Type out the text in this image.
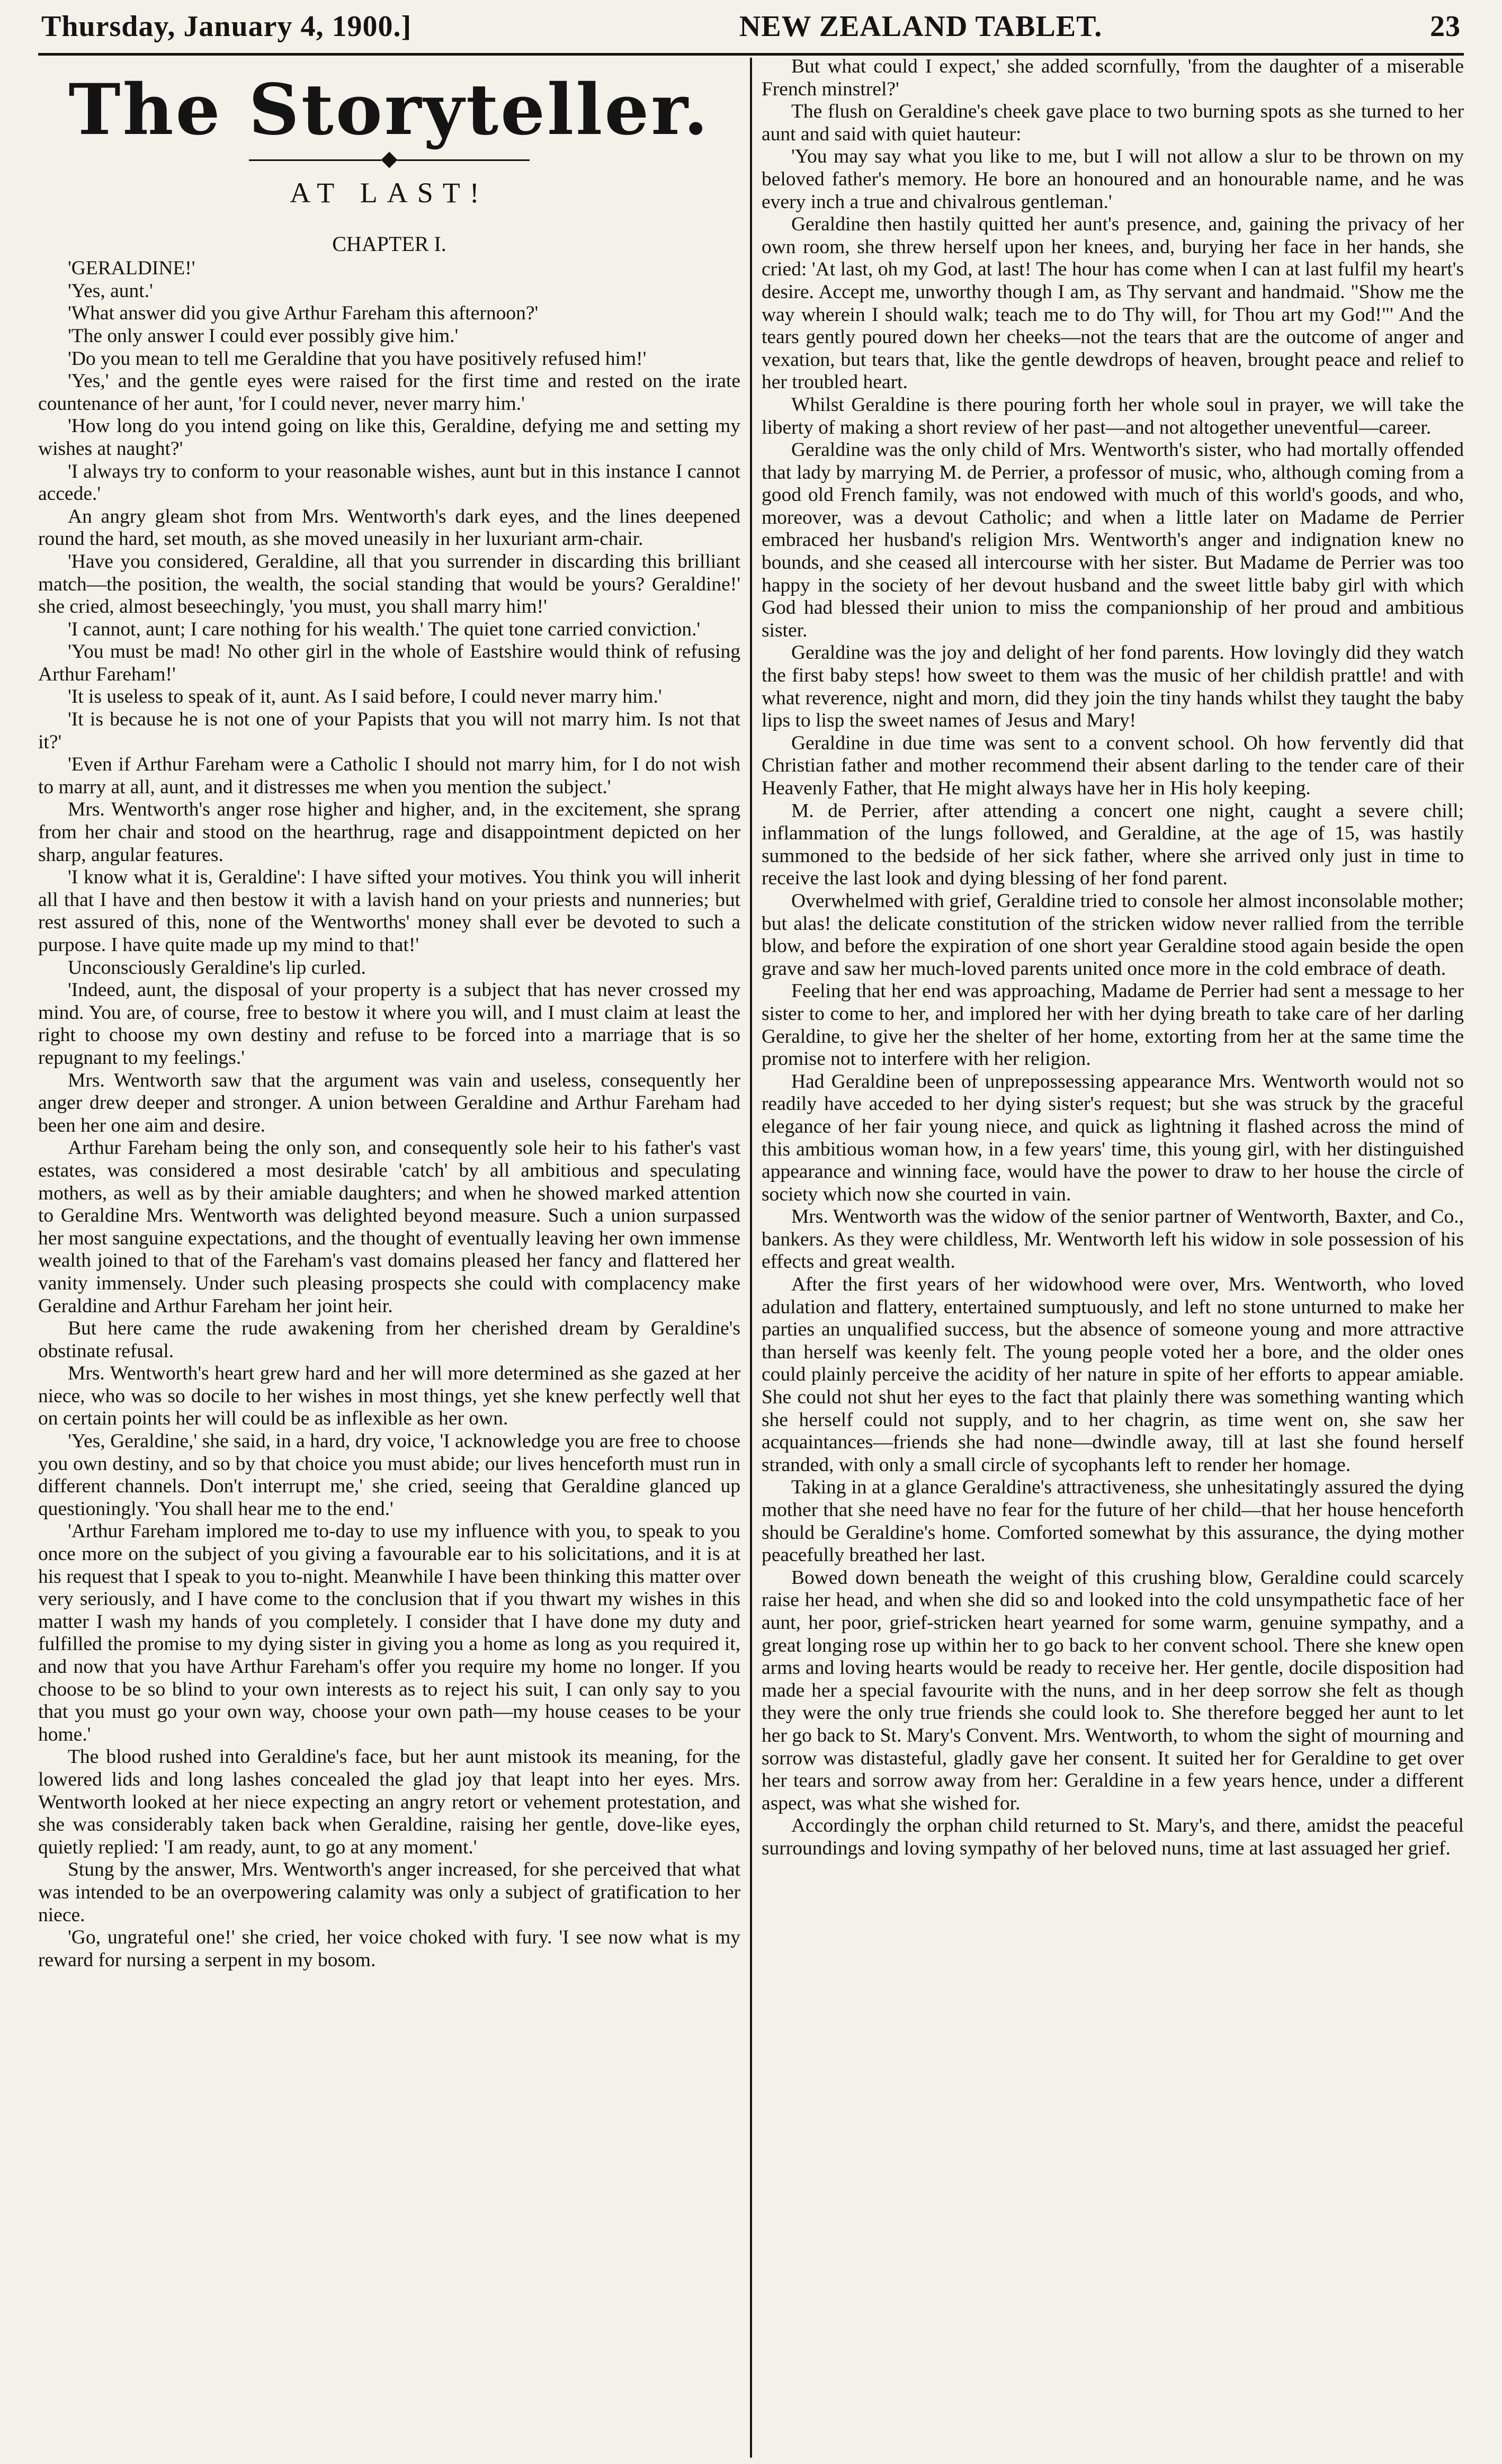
Thursday, January 4, 1900.]	NEW ZEALAND TABLET.	23
The Storyteller.
AT LAST!
CHAPTER I.

'GERALDINE!'

'Yes, aunt.'

'What answer did you give Arthur Fareham this afternoon?'

'The only answer I could ever possibly give him.'

'Do you mean to tell me Geraldine that you have positively refused him!'

'Yes,' and the gentle eyes were raised for the first time and rested on the irate countenance of her aunt, 'for I could never, never marry him.'

'How long do you intend going on like this, Geraldine, defying me and setting my wishes at naught?'

'I always try to conform to your reasonable wishes, aunt but in this instance I cannot accede.'

An angry gleam shot from Mrs. Wentworth's dark eyes, and the lines deepened round the hard, set mouth, as she moved uneasily in her luxuriant arm-chair.

'Have you considered, Geraldine, all that you surrender in discarding this brilliant match—the position, the wealth, the social standing that would be yours? Geraldine!' she cried, almost beseechingly, 'you must, you shall marry him!'

'I cannot, aunt; I care nothing for his wealth.' The quiet tone carried conviction.'

'You must be mad! No other girl in the whole of Eastshire would think of refusing Arthur Fareham!'

'It is useless to speak of it, aunt. As I said before, I could never marry him.'

'It is because he is not one of your Papists that you will not marry him. Is not that it?'

'Even if Arthur Fareham were a Catholic I should not marry him, for I do not wish to marry at all, aunt, and it distresses me when you mention the subject.'

Mrs. Wentworth's anger rose higher and higher, and, in the excitement, she sprang from her chair and stood on the hearthrug, rage and disappointment depicted on her sharp, angular features.

'I know what it is, Geraldine': I have sifted your motives. You think you will inherit all that I have and then bestow it with a lavish hand on your priests and nunneries; but rest assured of this, none of the Wentworths' money shall ever be devoted to such a purpose. I have quite made up my mind to that!'

Unconsciously Geraldine's lip curled.

'Indeed, aunt, the disposal of your property is a subject that has never crossed my mind. You are, of course, free to bestow it where you will, and I must claim at least the right to choose my own destiny and refuse to be forced into a marriage that is so repugnant to my feelings.'

Mrs. Wentworth saw that the argument was vain and useless, consequently her anger drew deeper and stronger. A union between Geraldine and Arthur Fareham had been her one aim and desire.

Arthur Fareham being the only son, and consequently sole heir to his father's vast estates, was considered a most desirable 'catch' by all ambitious and speculating mothers, as well as by their amiable daughters; and when he showed marked attention to Geraldine Mrs. Wentworth was delighted beyond measure. Such a union surpassed her most sanguine expectations, and the thought of eventually leaving her own immense wealth joined to that of the Fareham's vast domains pleased her fancy and flattered her vanity immensely. Under such pleasing prospects she could with complacency make Geraldine and Arthur Fareham her joint heir.

But here came the rude awakening from her cherished dream by Geraldine's obstinate refusal.

Mrs. Wentworth's heart grew hard and her will more determined as she gazed at her niece, who was so docile to her wishes in most things, yet she knew perfectly well that on certain points her will could be as inflexible as her own.

'Yes, Geraldine,' she said, in a hard, dry voice, 'I acknowledge you are free to choose you own destiny, and so by that choice you must abide; our lives henceforth must run in different channels. Don't interrupt me,' she cried, seeing that Geraldine glanced up questioningly. 'You shall hear me to the end.'

'Arthur Fareham implored me to-day to use my influence with you, to speak to you once more on the subject of you giving a favourable ear to his solicitations, and it is at his request that I speak to you to-night. Meanwhile I have been thinking this matter over very seriously, and I have come to the conclusion that if you thwart my wishes in this matter I wash my hands of you completely. I consider that I have done my duty and fulfilled the promise to my dying sister in giving you a home as long as you required it, and now that you have Arthur Fareham's offer you require my home no longer. If you choose to be so blind to your own interests as to reject his suit, I can only say to you that you must go your own way, choose your own path—my house ceases to be your home.'

The blood rushed into Geraldine's face, but her aunt mistook its meaning, for the lowered lids and long lashes concealed the glad joy that leapt into her eyes. Mrs. Wentworth looked at her niece expecting an angry retort or vehement protestation, and she was considerably taken back when Geraldine, raising her gentle, dove-like eyes, quietly replied: 'I am ready, aunt, to go at any moment.'

Stung by the answer, Mrs. Wentworth's anger increased, for she perceived that what was intended to be an overpowering calamity was only a subject of gratification to her niece.

'Go, ungrateful one!' she cried, her voice choked with fury. 'I see now what is my reward for nursing a serpent in my bosom.

But what could I expect,' she added scornfully, 'from the daughter of a miserable French minstrel?'

The flush on Geraldine's cheek gave place to two burning spots as she turned to her aunt and said with quiet hauteur:

'You may say what you like to me, but I will not allow a slur to be thrown on my beloved father's memory. He bore an honoured and an honourable name, and he was every inch a true and chivalrous gentleman.'

Geraldine then hastily quitted her aunt's presence, and, gaining the privacy of her own room, she threw herself upon her knees, and, burying her face in her hands, she cried: 'At last, oh my God, at last! The hour has come when I can at last fulfil my heart's desire. Accept me, unworthy though I am, as Thy servant and handmaid. "Show me the way wherein I should walk; teach me to do Thy will, for Thou art my God!"' And the tears gently poured down her cheeks—not the tears that are the outcome of anger and vexation, but tears that, like the gentle dewdrops of heaven, brought peace and relief to her troubled heart.

Whilst Geraldine is there pouring forth her whole soul in prayer, we will take the liberty of making a short review of her past—and not altogether uneventful—career.

Geraldine was the only child of Mrs. Wentworth's sister, who had mortally offended that lady by marrying M. de Perrier, a professor of music, who, although coming from a good old French family, was not endowed with much of this world's goods, and who, moreover, was a devout Catholic; and when a little later on Madame de Perrier embraced her husband's religion Mrs. Wentworth's anger and indignation knew no bounds, and she ceased all intercourse with her sister. But Madame de Perrier was too happy in the society of her devout husband and the sweet little baby girl with which God had blessed their union to miss the companionship of her proud and ambitious sister.

Geraldine was the joy and delight of her fond parents. How lovingly did they watch the first baby steps! how sweet to them was the music of her childish prattle! and with what reverence, night and morn, did they join the tiny hands whilst they taught the baby lips to lisp the sweet names of Jesus and Mary!

Geraldine in due time was sent to a convent school. Oh how fervently did that Christian father and mother recommend their absent darling to the tender care of their Heavenly Father, that He might always have her in His holy keeping.

M. de Perrier, after attending a concert one night, caught a severe chill; inflammation of the lungs followed, and Geraldine, at the age of 15, was hastily summoned to the bedside of her sick father, where she arrived only just in time to receive the last look and dying blessing of her fond parent.

Overwhelmed with grief, Geraldine tried to console her almost inconsolable mother; but alas! the delicate constitution of the stricken widow never rallied from the terrible blow, and before the expiration of one short year Geraldine stood again beside the open grave and saw her much-loved parents united once more in the cold embrace of death.

Feeling that her end was approaching, Madame de Perrier had sent a message to her sister to come to her, and implored her with her dying breath to take care of her darling Geraldine, to give her the shelter of her home, extorting from her at the same time the promise not to interfere with her religion.

Had Geraldine been of unprepossessing appearance Mrs. Wentworth would not so readily have acceded to her dying sister's request; but she was struck by the graceful elegance of her fair young niece, and quick as lightning it flashed across the mind of this ambitious woman how, in a few years' time, this young girl, with her distinguished appearance and winning face, would have the power to draw to her house the circle of society which now she courted in vain.

Mrs. Wentworth was the widow of the senior partner of Wentworth, Baxter, and Co., bankers. As they were childless, Mr. Wentworth left his widow in sole possession of his effects and great wealth.

After the first years of her widowhood were over, Mrs. Wentworth, who loved adulation and flattery, entertained sumptuously, and left no stone unturned to make her parties an unqualified success, but the absence of someone young and more attractive than herself was keenly felt. The young people voted her a bore, and the older ones could plainly perceive the acidity of her nature in spite of her efforts to appear amiable. She could not shut her eyes to the fact that plainly there was something wanting which she herself could not supply, and to her chagrin, as time went on, she saw her acquaintances—friends she had none—dwindle away, till at last she found herself stranded, with only a small circle of sycophants left to render her homage.

Taking in at a glance Geraldine's attractiveness, she unhesitatingly assured the dying mother that she need have no fear for the future of her child—that her house henceforth should be Geraldine's home. Comforted somewhat by this assurance, the dying mother peacefully breathed her last.

Bowed down beneath the weight of this crushing blow, Geraldine could scarcely raise her head, and when she did so and looked into the cold unsympathetic face of her aunt, her poor, grief-stricken heart yearned for some warm, genuine sympathy, and a great longing rose up within her to go back to her convent school. There she knew open arms and loving hearts would be ready to receive her. Her gentle, docile disposition had made her a special favourite with the nuns, and in her deep sorrow she felt as though they were the only true friends she could look to. She therefore begged her aunt to let her go back to St. Mary's Convent. Mrs. Wentworth, to whom the sight of mourning and sorrow was distasteful, gladly gave her consent. It suited her for Geraldine to get over her tears and sorrow away from her: Geraldine in a few years hence, under a different aspect, was what she wished for.

Accordingly the orphan child returned to St. Mary's, and there, amidst the peaceful surroundings and loving sympathy of her beloved nuns, time at last assuaged her grief.
